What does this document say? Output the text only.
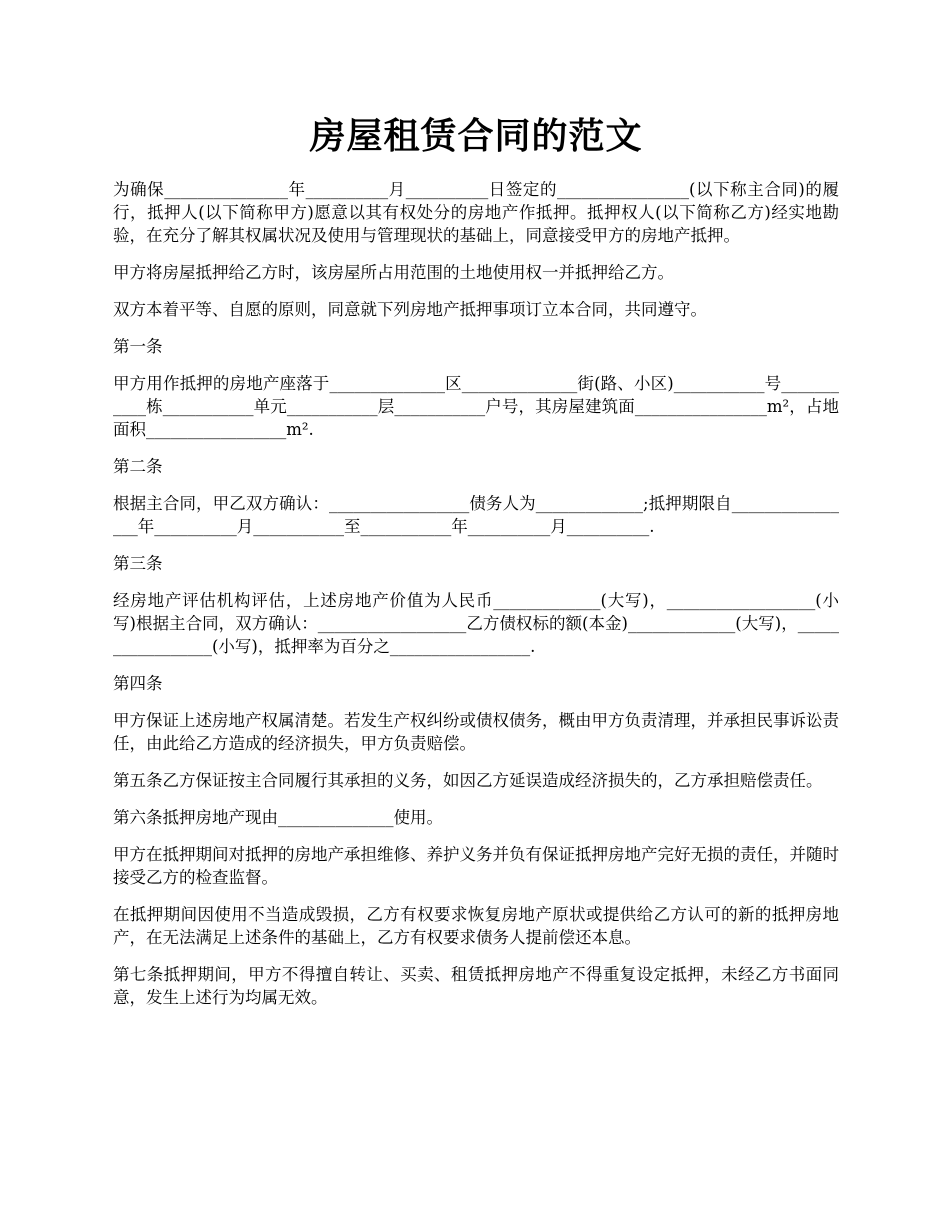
房屋租赁合同的范文

为确保_______________年__________月__________日签定的________________(以下称主合同)的履行，抵押人(以下简称甲方)愿意以其有权处分的房地产作抵押。抵押权人(以下简称乙方)经实地勘验，在充分了解其权属状况及使用与管理现状的基础上，同意接受甲方的房地产抵押。

甲方将房屋抵押给乙方时，该房屋所占用范围的土地使用权一并抵押给乙方。

双方本着平等、自愿的原则，同意就下列房地产抵押事项订立本合同，共同遵守。

第一条

甲方用作抵押的房地产座落于______________区______________街(路、小区)___________号___________栋___________单元___________层___________户号，其房屋建筑面________________m²，占地面积_________________m².

第二条

根据主合同，甲乙双方确认：_________________债务人为_____________;抵押期限自________________年__________月___________至___________年__________月__________.

第三条

经房地产评估机构评估，上述房地产价值为人民币_____________(大写)，__________________(小写)根据主合同，双方确认：__________________乙方债权标的额(本金)_____________(大写)，_________________(小写)，抵押率为百分之_________________.

第四条

甲方保证上述房地产权属清楚。若发生产权纠纷或债权债务，概由甲方负责清理，并承担民事诉讼责任，由此给乙方造成的经济损失，甲方负责赔偿。

第五条乙方保证按主合同履行其承担的义务，如因乙方延误造成经济损失的，乙方承担赔偿责任。

第六条抵押房地产现由______________使用。

甲方在抵押期间对抵押的房地产承担维修、养护义务并负有保证抵押房地产完好无损的责任，并随时接受乙方的检查监督。

在抵押期间因使用不当造成毁损，乙方有权要求恢复房地产原状或提供给乙方认可的新的抵押房地产，在无法满足上述条件的基础上，乙方有权要求债务人提前偿还本息。

第七条抵押期间，甲方不得擅自转让、买卖、租赁抵押房地产不得重复设定抵押，未经乙方书面同意，发生上述行为均属无效。
